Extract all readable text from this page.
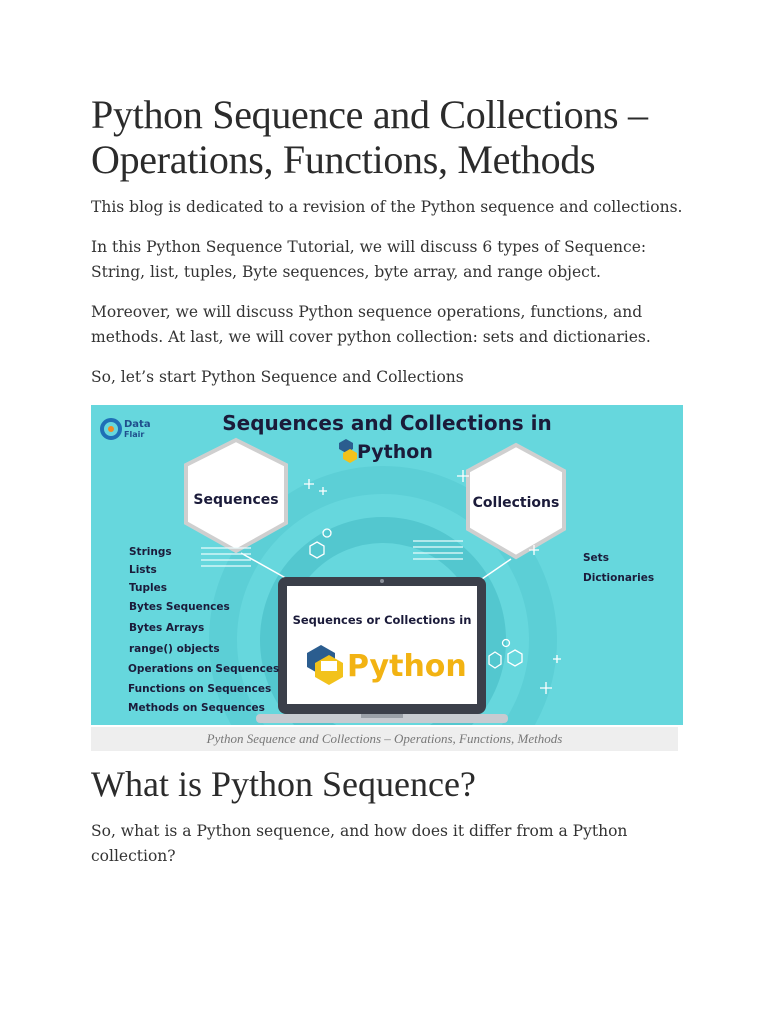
Python Sequence and Collections – Operations, Functions, Methods

This blog is dedicated to a revision of the Python sequence and collections.

In this Python Sequence Tutorial, we will discuss 6 types of Sequence: String, list, tuples, Byte sequences, byte array, and range object.

Moreover, we will discuss Python sequence operations, functions, and methods. At last, we will cover python collection: sets and dictionaries.

So, let’s start Python Sequence and Collections

Data
Flair	Sequences and Collections in
Python
Sequences	Collections
Sequences or Collections in
Python
Strings
Lists
Tuples
Bytes Sequences
Bytes Arrays
range() objects
Operations on Sequences
Functions on Sequences
Methods on Sequences
Sets
Dictionaries
Python Sequence and Collections – Operations, Functions, Methods
What is Python Sequence?

So, what is a Python sequence, and how does it differ from a Python collection?
